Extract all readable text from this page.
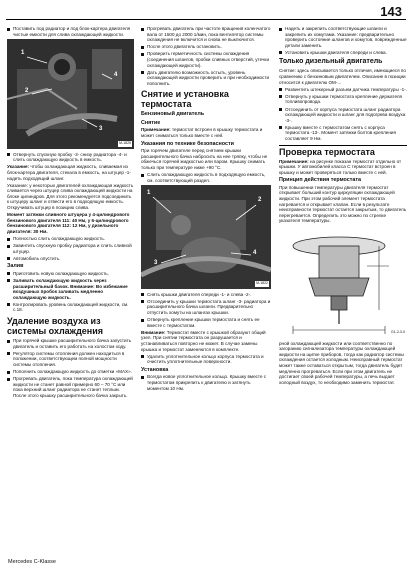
143
Поставить под радиатор и под блок-картера двигателя чистые емкости для слива охлаждающей жидкости.
1
2
3
4
M-1825
Отвернуть спускную пробку -3- снизу радиатора -4- и слить охлаждающую жидкость в емкость.
Указание: чтобы охлаждающая жидкость, сливаемая из блок-картера двигателя, стекала в емкость, на штуцер -1- надеть подходящий шланг.
Указание: у некоторых двигателей охлаждающая жидкость сливается через штуцер слива охлаждающей жидкости на блоке цилиндров. Для этого рекомендуется подсоединить к штуцеру шланг и отвести его в подходящую емкость. Откручивать штуцер в позицию слива.
Момент затяжки сливного штуцера у 4-цилиндрового бензинового двигателя 111: 40 Нм, у 6-цилиндрового бензинового двигателя 112: 12 Нм, у дизельного двигателя: 30 Нм.
Полностью слить охлаждающую жидкость.
Завинтить спускную пробку радиатора и слить сливной штуцер.
Автомобиль опустить.
Залив
Приготовить новую охлаждающую жидкость.
Заливать охлаждающую жидкость через расширительный бачок. Внимание: Во избежание воздушных пробок заливать медленно охлаждающую жидкость.
Контролировать уровень охлаждающей жидкости, см. с.18.
Удаление воздуха из системы охлаждения
При горячей крышке расширительного бачка запустить двигатель и оставить его работать на холостом ходу.
Регулятор системы отопления должен находиться в положении, соответствующем полной мощности системы отопления.
Пополнить охлаждающую жидкость до отметки «MAX».
Прогревать двигатель, пока температура охлаждающей жидкости не станет равной примерно 60 – 70 °С или пока верхний шланг радиатора не станет теплым. После этого крышку расширительного бачка закрыть.
Прогревать двигатель при частоте вращения коленчатого вала от 1500 до 2000 1/мин, пока вентилятор системы охлаждения не включится и снова не выключится.
После этого двигатель остановить.
Проверить герметичность системы охлаждения (соединения шлангов, пробки сливных отверстий, утечки охлаждающей жидкости).
Дать двигателю возможность остыть, уровень охлаждающей жидкости проверить и при необходимости пополнить.
Снятие и установка термостата
Бензиновый двигатель
Снятие
Примечание: термостат встроен в крышку термостата и может сниматься только вместе с ней.
Указания по технике безопасности
При горячем двигателе перед снятием крышки расширительного бачка набросить на нее тряпку, чтобы не обжечься горячей жидкостью или паром. Крышку снимать только при температуре ниже +90 °С.
Слить охлаждающую жидкость в подходящую емкость, см. соответствующий раздел.
1
2
3
4
M-1822
Снять крышки двигателя спереди -1- и слева -2-.
Отсоединить у крышки термостата шланг -3- радиатора и расширительного бачка шланги. Предварительно отпустить хомуты на шлангах крышки.
Отвернуть крепление крышки термостата и снять ее вместе с термостатом.
Внимание: Термостат вместе с крышкой образуют общий узел. При снятии термостата он разрушается и устанавливаться повторно не может. В случае замены крышка и термостат заменяются в комплекте.
Удалить уплотнительное кольцо корпуса термостата и очистить уплотнительные поверхности.
Установка
Всегда новое уплотнительное кольцо. Крышку вместе с термостатом прикрепить к двигателю и затянуть моментом 10 Нм.
Надеть и закрепить соответствующие шланги и закрепить их хомутами. Указание: предварительно проверить состояние шлангов и хомутов, поврежденные детали заменить.
Установить крышки двигателя спереди и слева.
Только дизельный двигатель
Снятие: здесь описывается только отличия, имеющиеся по сравнению с бензиновым двигателем. Описание в позиции относится к двигателю OM-...
Развинтить штекерный разъем датчика температуры -1-.
Отвернуть у крышки термостата крепление держателя топливопровода.
Отсоединить от корпуса термостата шланг радиатора охлаждающей жидкости и шланг для подогрева воздуха -3-.
Крышку вместе с термостатом снять с корпуса термостата -13-. Момент затяжки болтов крепления составляет 9 Нм.
Проверка термостата
Примечание: на рисунке показан термостат отдельно от крышки. У автомобилей класса С термостат встроен в крышку и может проверяться только вместе с ней.
Принцип действия термостата
При повышении температуры двигателя термостат открывает больший контур циркуляции охлаждающей жидкости. При этом рабочий элемент термостата нагревается и открывает клапан. Если в результате неисправности термостат остается закрытым, то двигатель перегревается. Определить это можно по стрелке указателя температуры.
G1-2-3-0
рной охлаждающей жидкости или соответственно по загоранию сигнализатора температуры охлаждающей жидкости на щитке приборов, тогда как радиатор системы охлаждения остается холодным. Неисправный термостат может также оставаться открытым, тогда двигатель будет медленно прогреваться. Если при этом двигатель не достигает своей рабочей температуры, а печь выдает холодный воздух, то необходимо заменить термостат.
Mercedes C-Klasse
